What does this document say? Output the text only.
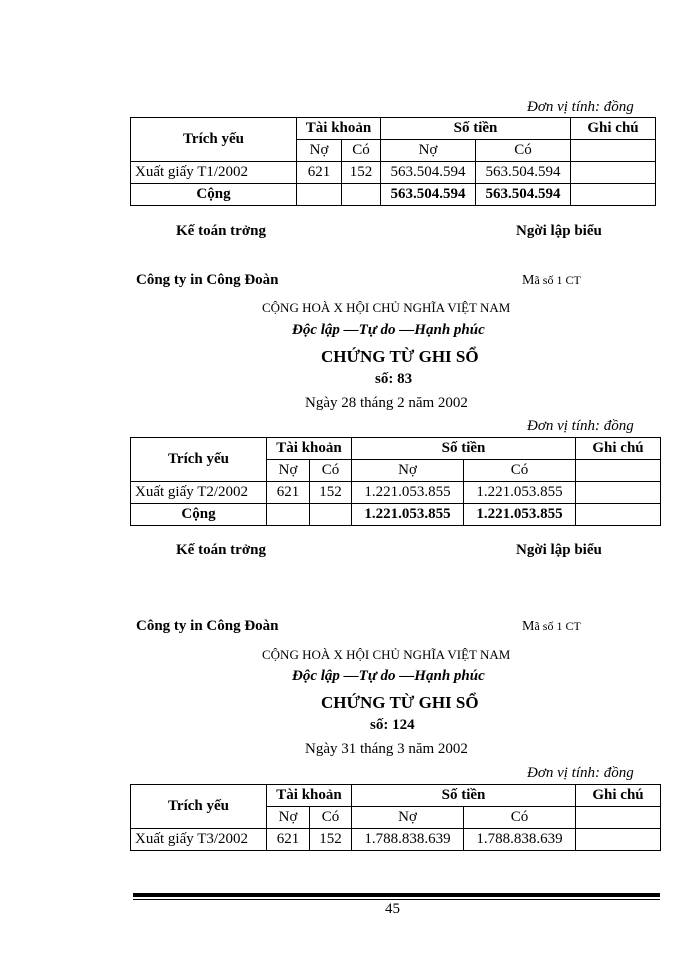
Đơn vị tính: đồng
Trích yếu	Tài khoản		Số tiền		Ghi chú
	Nợ	Có	Nợ	Có	
Xuất giấy T1/2002	621	152	563.504.594	563.504.594	
Cộng			563.504.594	563.504.594	
Kế toán trởng	Ngời lập biểu
Công ty in Công Đoàn	Mã số 1 CT
CỘNG HOÀ X HỘI CHỦ NGHĨA VIỆT NAM
Độc lập —Tự do —Hạnh phúc
CHỨNG TỪ GHI SỔ
số: 83
Ngày 28 tháng 2 năm 2002
Đơn vị tính: đồng
Trích yếu	Tài khoản		Số tiền		Ghi chú
	Nợ	Có	Nợ	Có	
Xuất giấy T2/2002	621	152	1.221.053.855	1.221.053.855	
Cộng			1.221.053.855	1.221.053.855	
Kế toán trởng	Ngời lập biểu
Công ty in Công Đoàn	Mã số 1 CT
CỘNG HOÀ X HỘI CHỦ NGHĨA VIỆT NAM
Độc lập —Tự do —Hạnh phúc
CHỨNG TỪ GHI SỔ
số: 124
Ngày 31 tháng 3 năm 2002
Đơn vị tính: đồng
Trích yếu	Tài khoản		Số tiền		Ghi chú
	Nợ	Có	Nợ	Có	
Xuất giấy T3/2002	621	152	1.788.838.639	1.788.838.639	
45
